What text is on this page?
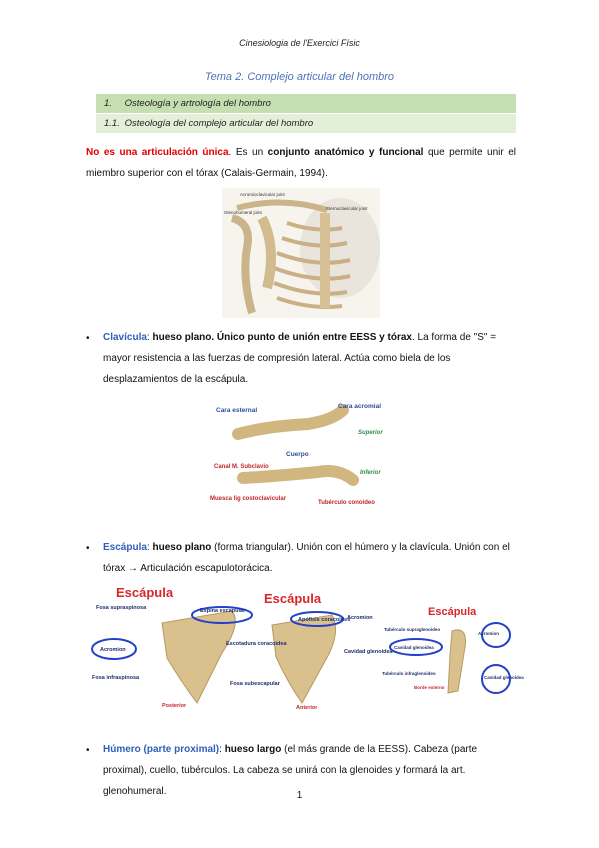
Cinesiologia de l'Exercici Físic
Tema 2. Complejo articular del hombro
1. Osteología y artrología del hombro
1.1. Osteología del complejo articular del hombro
No es una articulación única. Es un conjunto anatómico y funcional que permite unir el miembro superior con el tórax (Calais-Germain, 1994).
Acromioclavicular joint
Glenohumeral joint
Sternoclavicular joint
• Clavícula: hueso plano. Único punto de unión entre EESS y tórax. La forma de "S" = mayor resistencia a las fuerzas de compresión lateral. Actúa como biela de los desplazamientos de la escápula.
Cara esternal
Cara acromial
Superior
Cuerpo
Canal M. Subclavio
Inferior
Muesca lig costoclavicular
Tubérculo conoideo
• Escápula: hueso plano (forma triangular). Unión con el húmero y la clavícula. Unión con el tórax → Articulación escapulotorácica.
Escápula
Fosa supraspinosa	Espina escapular
Acromion
Fosa infraspinosa
Posterior
Escápula
Apófisis coracoides
Acromion
Escotadura coracoidea
Cavidad glenoidea
Fosa subescapular
Anterior
Escápula
Tubérculo supraglenoideo
Acromion
Cavidad glenoidea
Tubérculo infraglenoideo
Borde externo
Cavidad glenoidea
• Húmero (parte proximal): hueso largo (el más grande de la EESS). Cabeza (parte proximal), cuello, tubérculos. La cabeza se unirá con la glenoides y formará la art. glenohumeral.	1
